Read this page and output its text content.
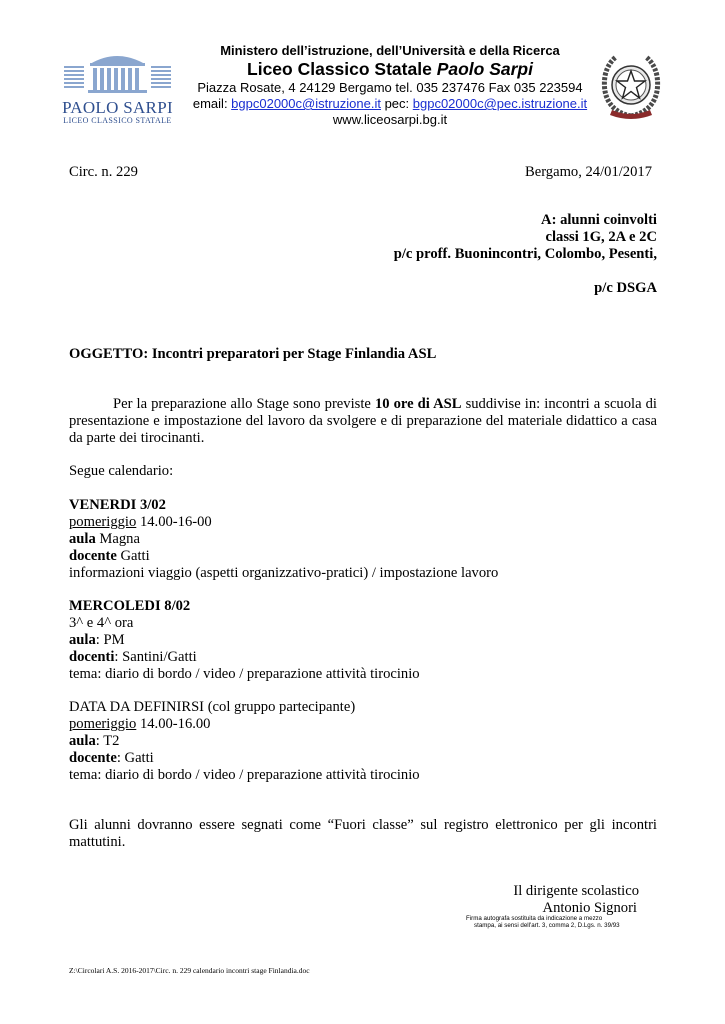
PAOLO SARPI
LICEO CLASSICO STATALE
Ministero dell’istruzione, dell’Università e della Ricerca
Liceo Classico Statale Paolo Sarpi
Piazza Rosate, 4 24129 Bergamo tel. 035 237476 Fax 035 223594
email: bgpc02000c@istruzione.it pec: bgpc02000c@pec.istruzione.it
www.liceosarpi.bg.it
Circ. n. 229	Bergamo, 24/01/2017
A: alunni coinvolti
classi 1G, 2A e 2C
p/c proff. Buonincontri, Colombo, Pesenti,
p/c DSGA
OGGETTO: Incontri preparatori per Stage Finlandia ASL
Per la preparazione allo Stage sono previste 10 ore di ASL suddivise in: incontri a scuola di presentazione e impostazione del lavoro da svolgere e di preparazione del materiale didattico a casa da parte dei tirocinanti.
Segue calendario:
VENERDI 3/02
pomeriggio 14.00-16-00
aula Magna
docente Gatti
informazioni viaggio (aspetti organizzativo-pratici) / impostazione lavoro
MERCOLEDI 8/02
3^ e 4^ ora
aula: PM
docenti: Santini/Gatti
tema: diario di bordo / video / preparazione attività tirocinio
DATA DA DEFINIRSI (col gruppo partecipante)
pomeriggio 14.00-16.00
aula: T2
docente: Gatti
tema: diario di bordo / video / preparazione attività tirocinio
Gli alunni dovranno essere segnati come “Fuori classe” sul registro elettronico per gli incontri mattutini.
Il dirigente scolastico
Antonio Signori
Firma autografa sostituita da indicazione a mezzo
stampa, ai sensi dell'art. 3, comma 2, D.Lgs. n. 39/93
Z:\Circolari A.S. 2016-2017\Circ. n. 229 calendario incontri stage Finlandia.doc
